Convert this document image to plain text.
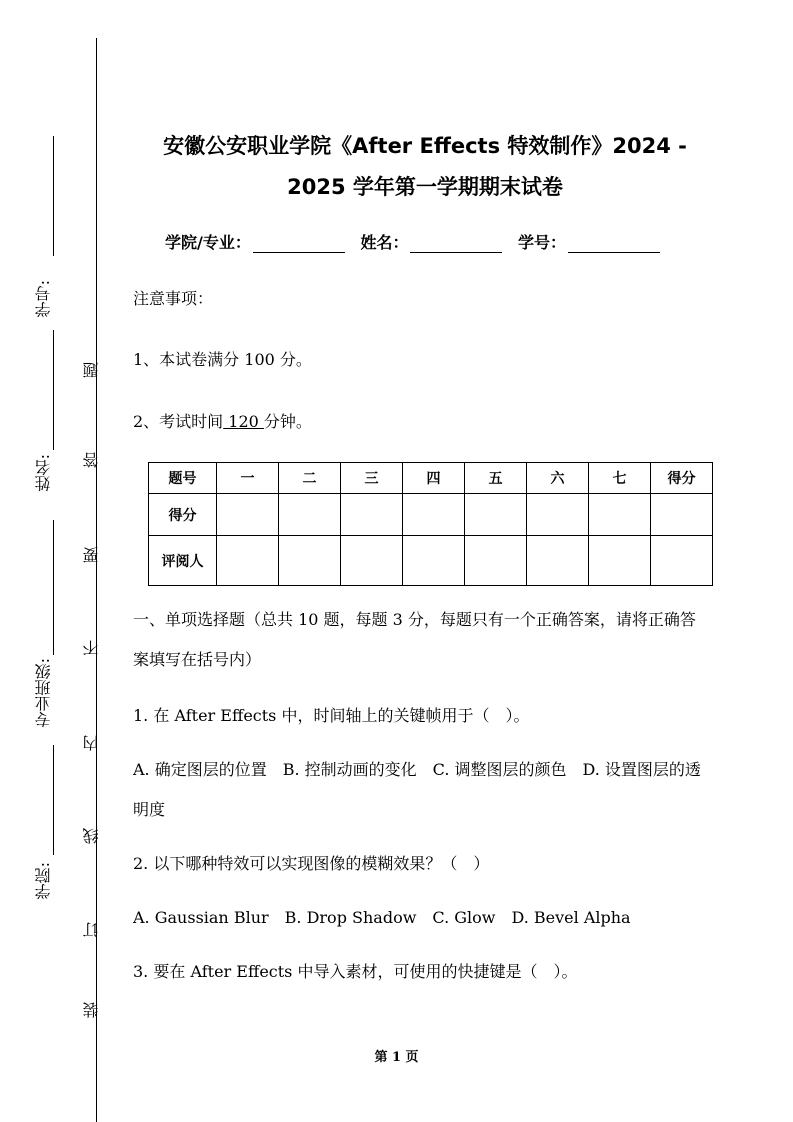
学号:
姓名:
专业班级:
学院:
题
答
要
不
内
线
订
装
安徽公安职业学院《After Effects 特效制作》2024 -
2025 学年第一学期期末试卷
学院/专业：	姓名：	学号：
注意事项：
1、本试卷满分 100 分。
2、考试时间 120 分钟。
题号	一	二	三	四	五	六	七	得分
得分								
评阅人								
一、单项选择题（总共 10 题，每题 3 分，每题只有一个正确答案，请将正确答案填写在括号内）
1. 在 After Effects 中，时间轴上的关键帧用于（　）。
A. 确定图层的位置　B. 控制动画的变化　C. 调整图层的颜色　D. 设置图层的透明度
2. 以下哪种特效可以实现图像的模糊效果？（　）
A. Gaussian Blur　B. Drop Shadow　C. Glow　D. Bevel Alpha
3. 要在 After Effects 中导入素材，可使用的快捷键是（　）。
第 1 页
